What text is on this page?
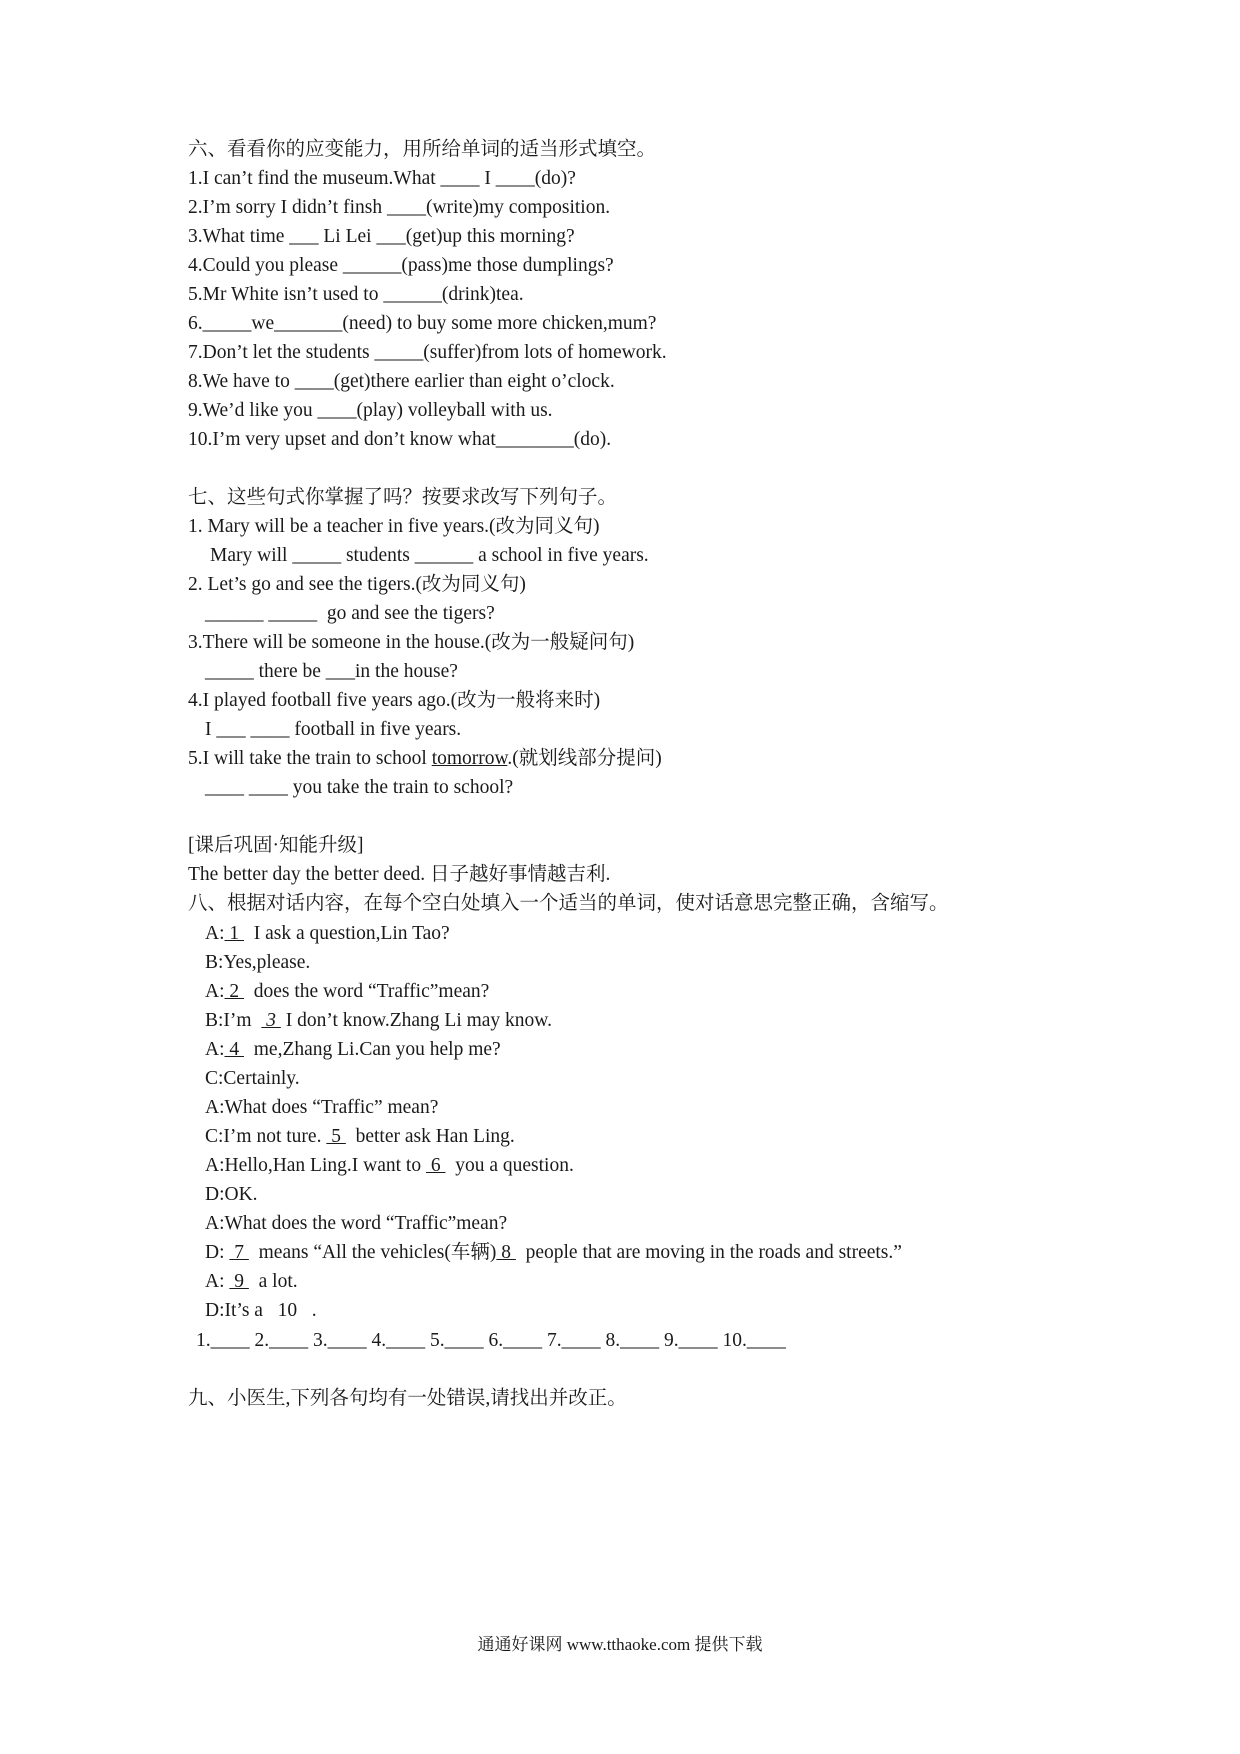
六、看看你的应变能力，用所给单词的适当形式填空。
1.I can’t find the museum.What ____ I ____(do)?
2.I’m sorry I didn’t finsh ____(write)my composition.
3.What time ___ Li Lei ___(get)up this morning?
4.Could you please ______(pass)me those dumplings?
5.Mr White isn’t used to ______(drink)tea.
6._____we_______(need) to buy some more chicken,mum?
7.Don’t let the students _____(suffer)from lots of homework.
8.We have to ____(get)there earlier than eight o’clock.
9.We’d like you ____(play) volleyball with us.
10.I’m very upset and don’t know what________(do).
七、这些句式你掌握了吗？按要求改写下列句子。
1. Mary will be a teacher in five years.(改为同义句)
Mary will _____ students ______ a school in five years.
2. Let’s go and see the tigers.(改为同义句)
______ _____  go and see the tigers?
3.There will be someone in the house.(改为一般疑问句)
_____ there be ___in the house?
4.I played football five years ago.(改为一般将来时)
I ___ ____ football in five years.
5.I will take the train to school tomorrow.(就划线部分提问)
____ ____ you take the train to school?
[课后巩固·知能升级]
The better day the better deed. 日子越好事情越吉利.
八、根据对话内容，在每个空白处填入一个适当的单词，使对话意思完整正确，含缩写。
A: 1   I ask a question,Lin Tao?
B:Yes,please.
A: 2   does the word “Traffic”mean?
B:I’m   3  I don’t know.Zhang Li may know.
A: 4   me,Zhang Li.Can you help me?
C:Certainly.
A:What does “Traffic” mean?
C:I’m not ture.  5   better ask Han Ling.
A:Hello,Han Ling.I want to  6   you a question.
D:OK.
A:What does the word “Traffic”mean?
D:  7   means “All the vehicles(车辆) 8   people that are moving in the roads and streets.”
A:  9   a lot.
D:It’s a   10   .
1.____ 2.____ 3.____ 4.____ 5.____ 6.____ 7.____ 8.____ 9.____ 10.____
九、小医生,下列各句均有一处错误,请找出并改正。
通通好课网 www.tthaoke.com 提供下载
